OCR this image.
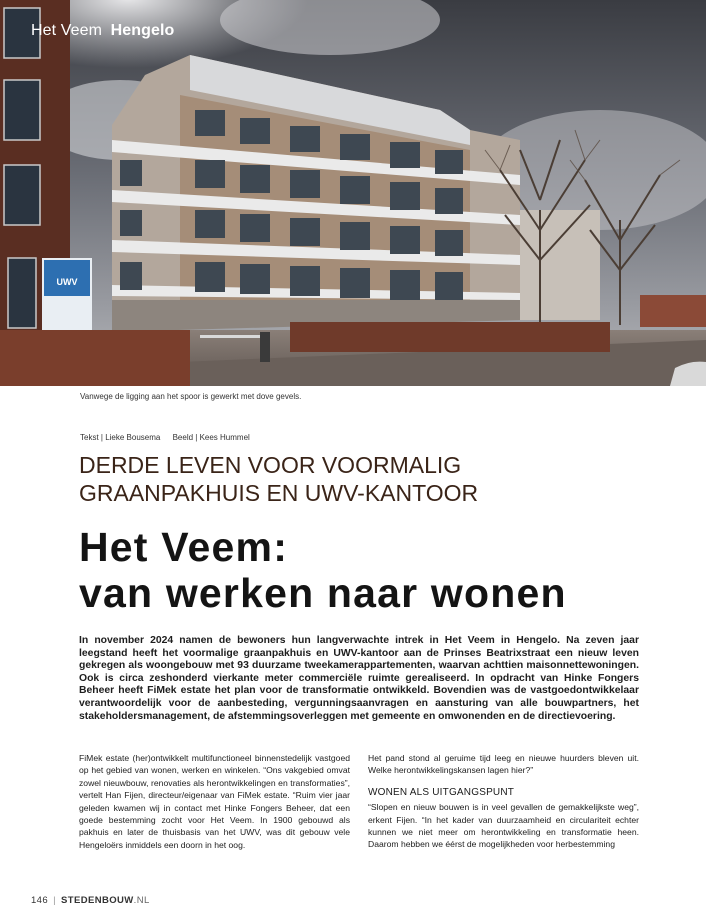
UWV
Het Veem Hengelo
Vanwege de ligging aan het spoor is gewerkt met dove gevels.
Tekst | Lieke Bousema Beeld | Kees Hummel
DERDE LEVEN VOOR VOORMALIG
GRAANPAKHUIS EN UWV-KANTOOR
Het Veem:
van werken naar wonen
In november 2024 namen de bewoners hun langverwachte intrek in Het Veem in Hengelo. Na zeven jaar leegstand heeft het voormalige graanpakhuis en UWV-kantoor aan de Prinses Beatrixstraat een nieuw leven gekregen als woongebouw met 93 duurzame tweekamerappartementen, waarvan achttien maisonnettewoningen. Ook is circa zeshonderd vierkante meter commerciële ruimte gerealiseerd. In opdracht van Hinke Fongers Beheer heeft FiMek estate het plan voor de transformatie ontwikkeld. Bovendien was de vastgoedontwikkelaar verantwoordelijk voor de aanbesteding, vergunningsaanvragen en aansturing van alle bouwpartners, het stakeholdersmanagement, de afstemmingsoverleggen met gemeente en omwonenden en de directievoering.

FiMek estate (her)ontwikkelt multifunctioneel binnenstedelijk vastgoed op het gebied van wonen, werken en winkelen. “Ons vakgebied omvat zowel nieuwbouw, renovaties als herontwikkelingen en transformaties”, vertelt Han Fijen, directeur/eigenaar van FiMek estate. “Ruim vier jaar geleden kwamen wij in contact met Hinke Fongers Beheer, dat een goede bestemming zocht voor Het Veem. In 1900 gebouwd als pakhuis en later de thuisbasis van het UWV, was dit gebouw vele Hengeloërs inmiddels een doorn in het oog.

Het pand stond al geruime tijd leeg en nieuwe huurders bleven uit. Welke herontwikkelingskansen lagen hier?”

WONEN ALS UITGANGSPUNT

“Slopen en nieuw bouwen is in veel gevallen de gemakkelijkste weg”, erkent Fijen. “In het kader van duurzaamheid en circulariteit echter kunnen we niet meer om herontwikkeling en transformatie heen. Daarom hebben we éérst de mogelijkheden voor herbestemming

146 | STEDENBOUW.NL
